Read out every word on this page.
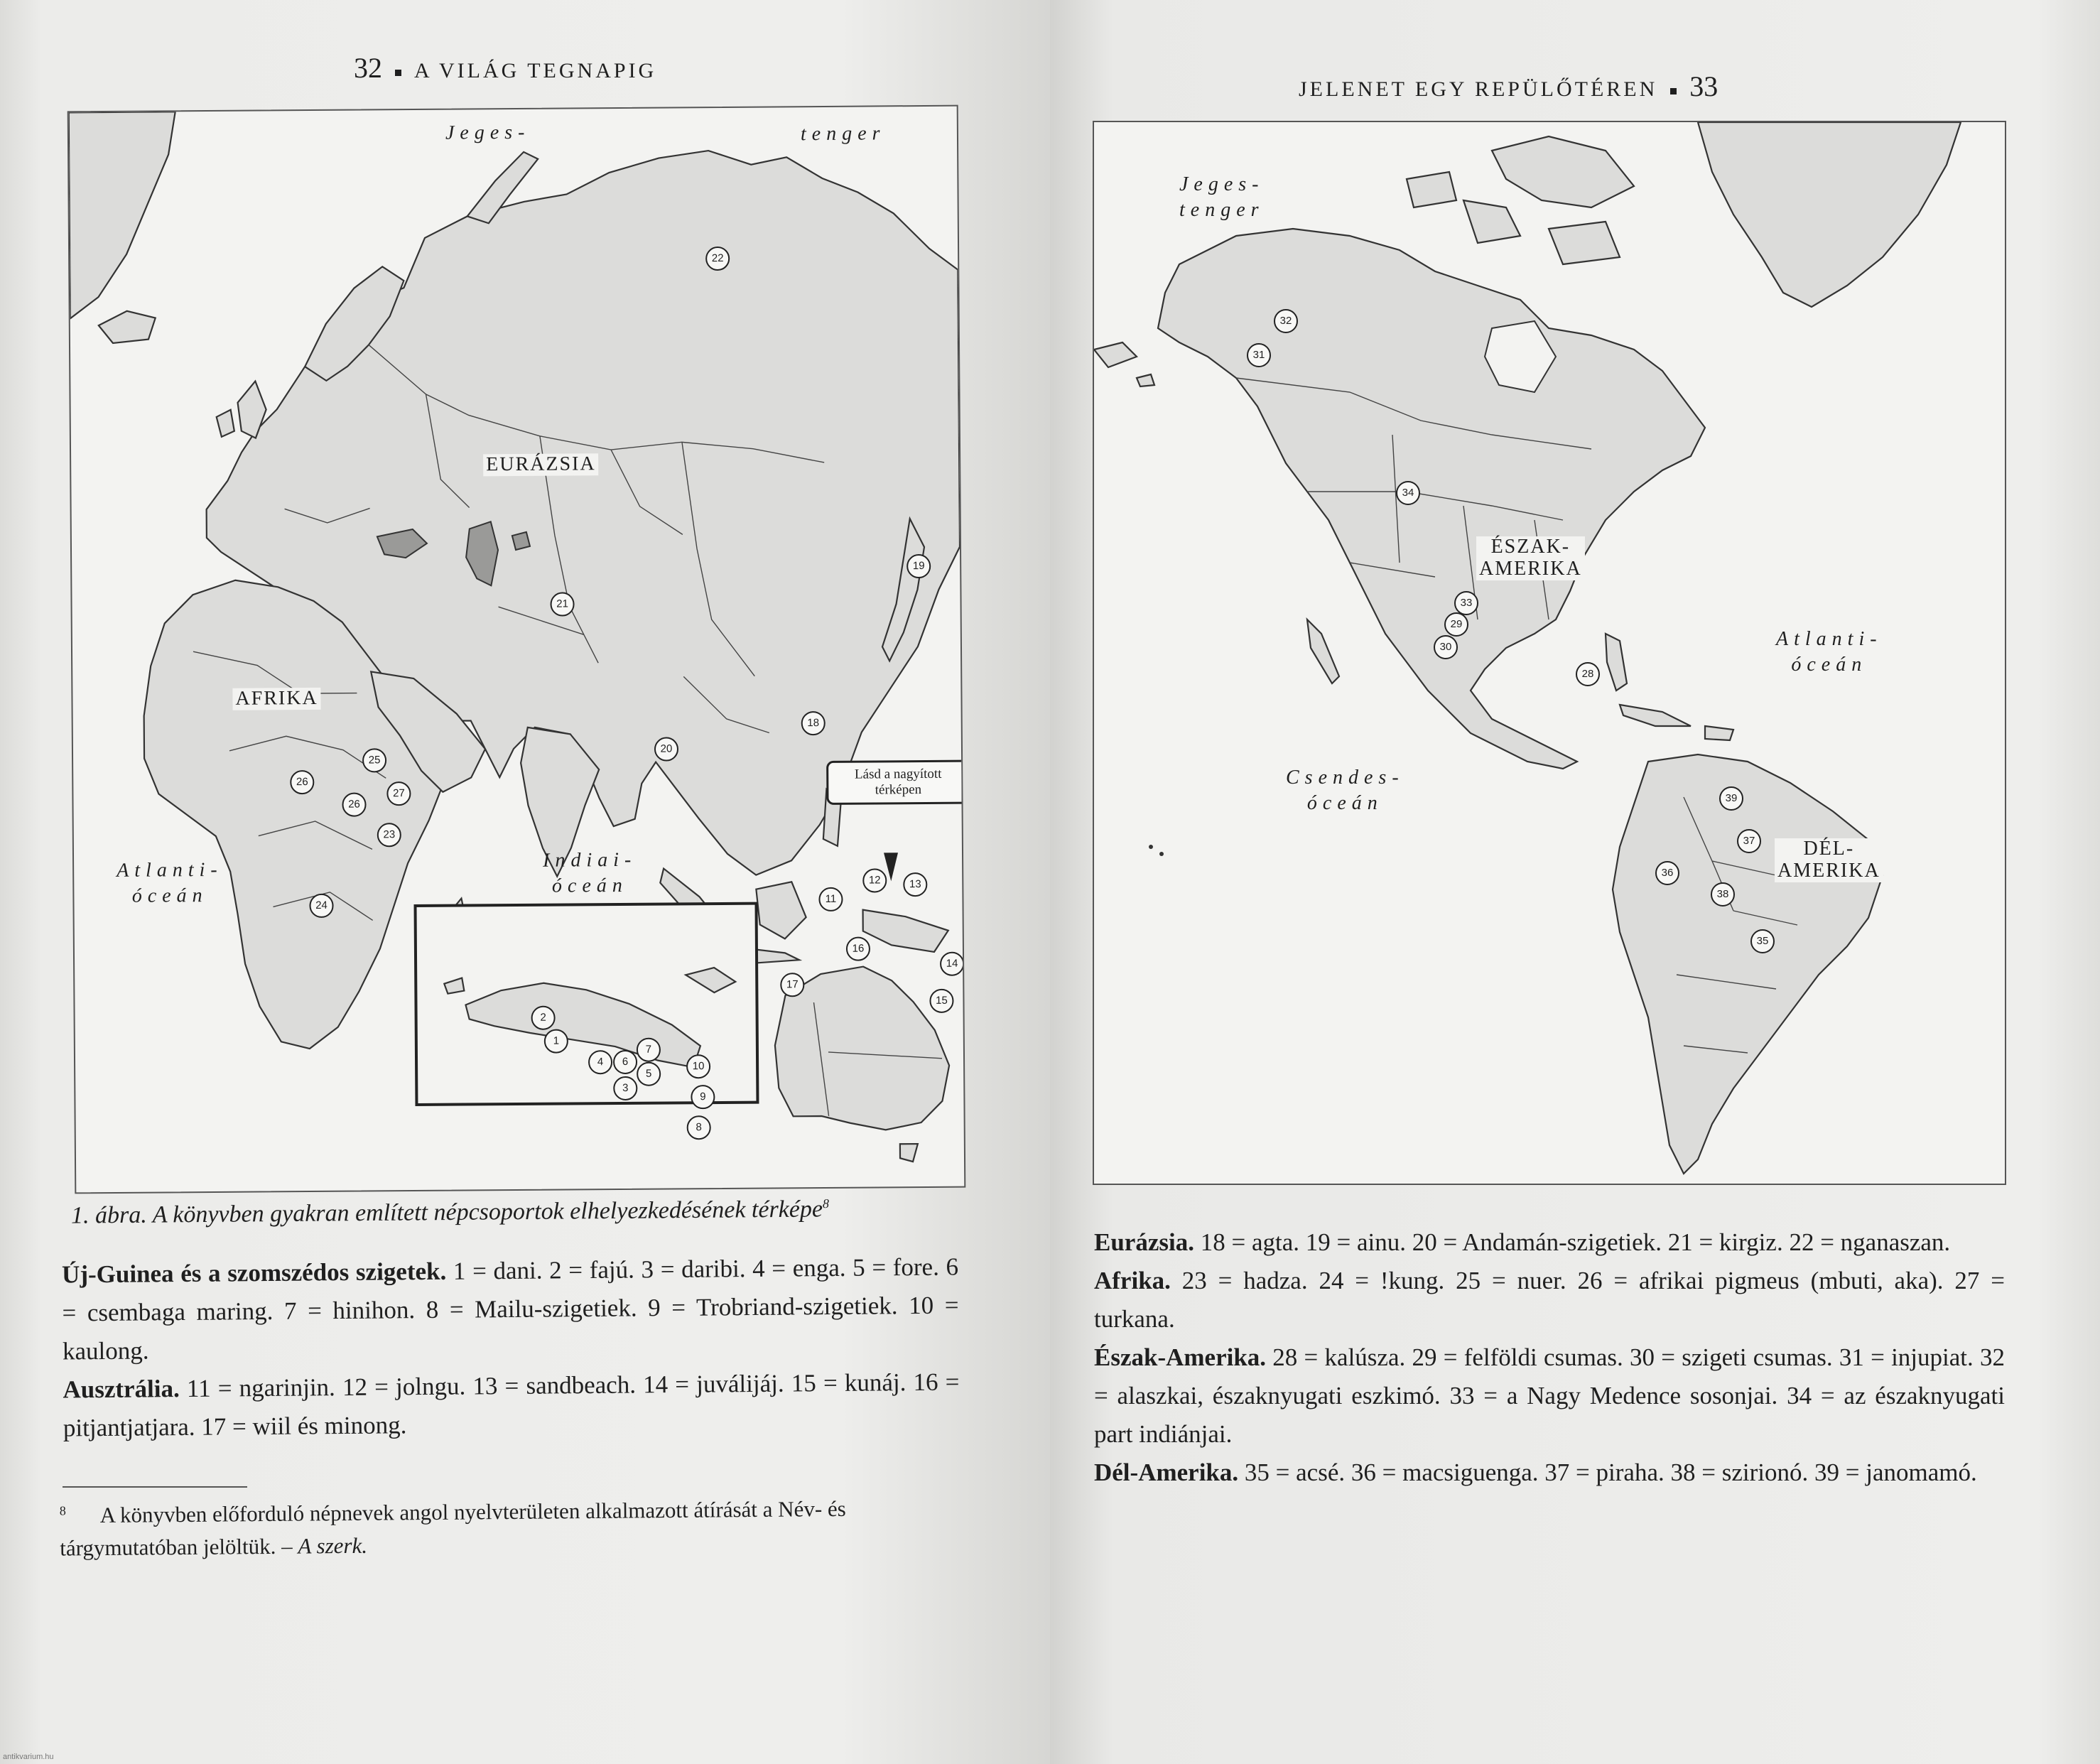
32 A VILÁG TEGNAPIG
Jeges-	tenger
EURÁZSIA
AFRIKA
Atlanti-
óceán
Indiai-
óceán
Lásd a nagyított
térképen
22
19
21
18
20
25
27
26
26
23
24
11
12	13
16
17
14
15
2
1
7
4	6
5
3
10
9
8
1. ábra. A könyvben gyakran említett népcsoportok elhelyezkedésének térképe$^8$

Új-Guinea és a szomszédos szigetek. 1 = dani. 2 = fajú. 3 = daribi. 4 = enga. 5 = fore. 6 = csembaga maring. 7 = hinihon. 8 = Mailu-szigetiek. 9 = Trobriand-szigetiek. 10 = kaulong.

Ausztrália. 11 = ngarinjin. 12 = jolngu. 13 = sandbeach. 14 = juválijáj. 15 = kunáj. 16 = pitjantjatjara. 17 = wiil és minong.

$^8$ A könyvben előforduló népnevek angol nyelvterületen alkalmazott átírását a Név- és tárgymutatóban jelöltük. – A szerk.
antikvarium.hu
JELENET EGY REPÜLŐTÉREN 33
Jeges-
tenger
Atlanti-
óceán
Csendes-
óceán
ÉSZAK-
AMERIKA
DÉL-
AMERIKA
32
31
34
33
29
30
28
39
37
36
38
35

Eurázsia. 18 = agta. 19 = ainu. 20 = Andamán-szigetiek. 21 = kirgiz. 22 = nganaszan.

Afrika. 23 = hadza. 24 = !kung. 25 = nuer. 26 = afrikai pigmeus (mbuti, aka). 27 = turkana.

Észak-Amerika. 28 = kalúsza. 29 = felföldi csumas. 30 = szigeti csumas. 31 = injupiat. 32 = alaszkai, északnyugati eszkimó. 33 = a Nagy Medence sosonjai. 34 = az északnyugati part indiánjai.

Dél-Amerika. 35 = acsé. 36 = macsiguenga. 37 = piraha. 38 = szirionó. 39 = janomamó.
